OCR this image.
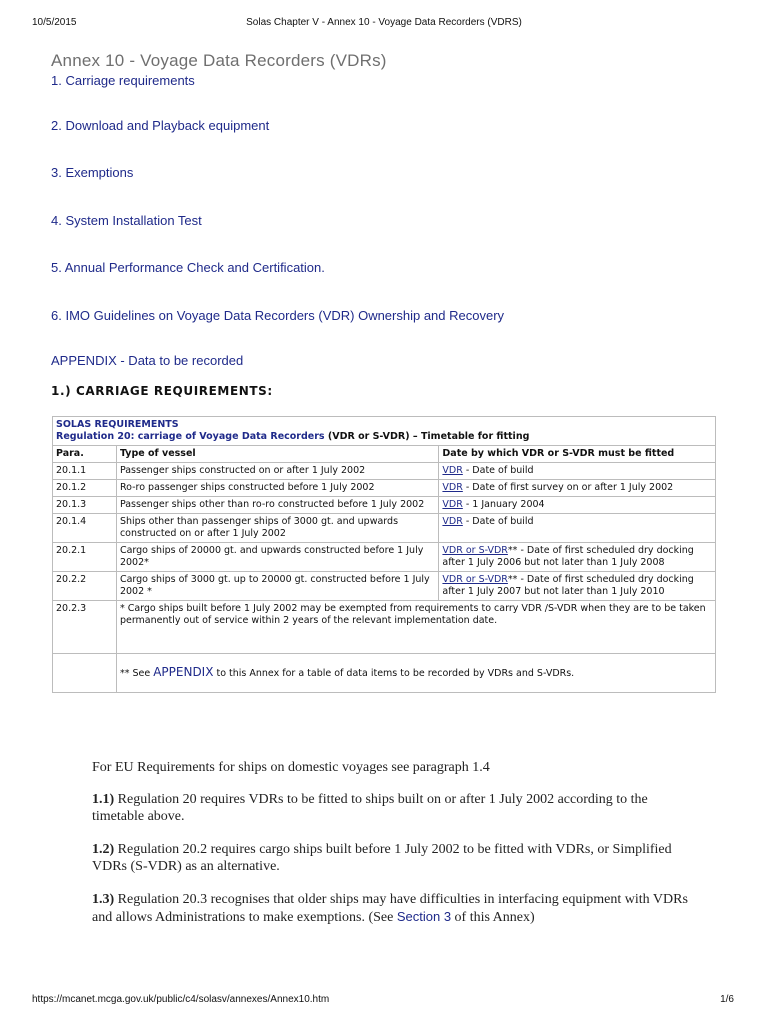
10/5/2015	Solas Chapter V - Annex 10 - Voyage Data Recorders (VDRS)
Annex 10 - Voyage Data Recorders (VDRs)
1. Carriage requirements
2. Download and Playback equipment
3. Exemptions
4. System Installation Test
5. Annual Performance Check and Certification.
6. IMO Guidelines on Voyage Data Recorders (VDR) Ownership and Recovery
APPENDIX - Data to be recorded
1.) CARRIAGE REQUIREMENTS:
SOLAS REQUIREMENTS
Regulation 20: carriage of Voyage Data Recorders (VDR or S-VDR) – Timetable for fitting		

Para.	Type of vessel	Date by which VDR or S-VDR must be fitted
20.1.1	Passenger ships constructed on or after 1 July 2002	VDR - Date of build
20.1.2	Ro-ro passenger ships constructed before 1 July 2002	VDR - Date of first survey on or after 1 July 2002
20.1.3	Passenger ships other than ro-ro constructed before 1 July 2002	VDR - 1 January 2004
20.1.4	Ships other than passenger ships of 3000 gt. and upwards constructed on or after 1 July 2002	VDR - Date of build
20.2.1	Cargo ships of 20000 gt. and upwards constructed before 1 July 2002*	VDR or S-VDR** - Date of first scheduled dry docking after 1 July 2006 but not later than 1 July 2008
20.2.2	Cargo ships of 3000 gt. up to 20000 gt. constructed before 1 July 2002 *	VDR or S-VDR** - Date of first scheduled dry docking after 1 July 2007 but not later than 1 July 2010
20.2.3	* Cargo ships built before 1 July 2002 may be exempted from requirements to carry VDR /S-VDR when they are to be taken permanently out of service within 2 years of the relevant implementation date.	
	** See APPENDIX to this Annex for a table of data items to be recorded by VDRs and S-VDRs.	
For EU Requirements for ships on domestic voyages see paragraph 1.4
1.1) Regulation 20 requires VDRs to be fitted to ships built on or after 1 July 2002 according to the timetable above.
1.2) Regulation 20.2 requires cargo ships built before 1 July 2002 to be fitted with VDRs, or Simplified VDRs (S-VDR) as an alternative.
1.3) Regulation 20.3 recognises that older ships may have difficulties in interfacing equipment with VDRs and allows Administrations to make exemptions. (See Section 3 of this Annex)
https://mcanet.mcga.gov.uk/public/c4/solasv/annexes/Annex10.htm	1/6
